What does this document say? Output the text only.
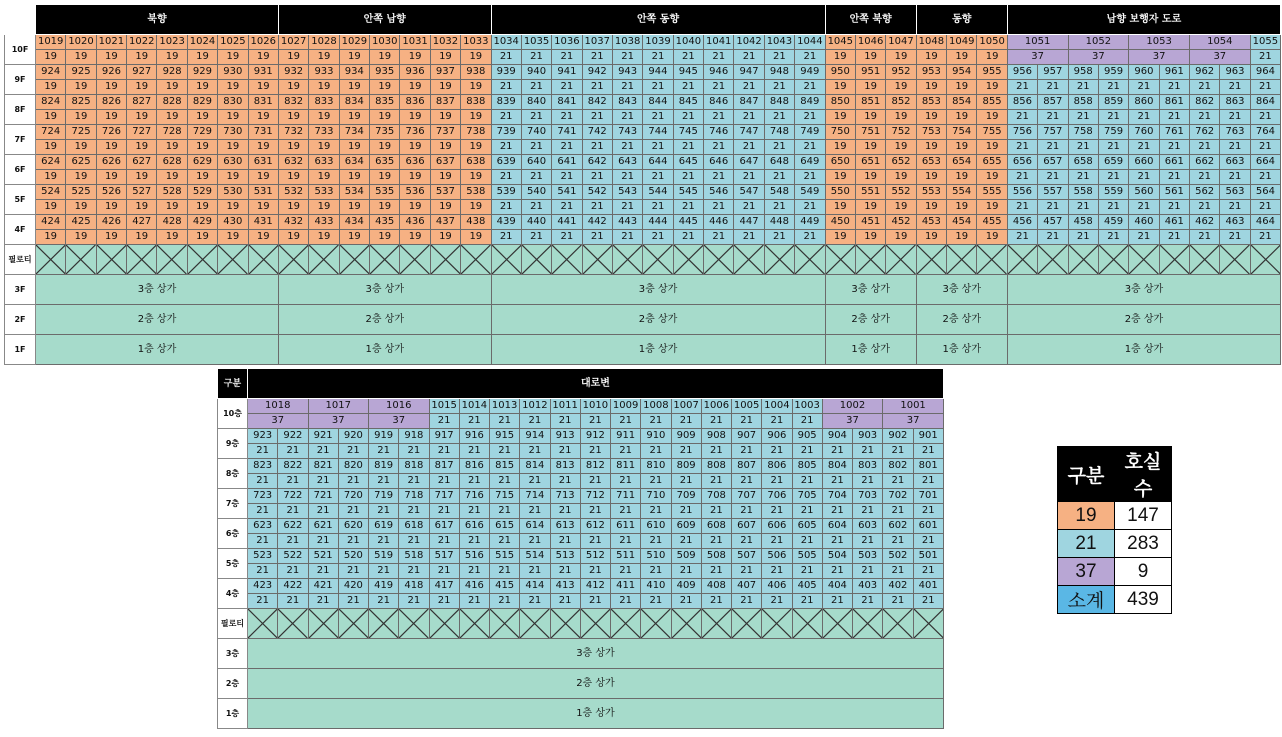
	북향								안쪽 남향							안쪽 동향											안쪽 북향			동향			남향 보행자 도로								
10F	1019	1020	1021	1022	1023	1024	1025	1026	1027	1028	1029	1030	1031	1032	1033	1034	1035	1036	1037	1038	1039	1040	1041	1042	1043	1044	1045	1046	1047	1048	1049	1050	1051		1052		1053		1054		1055
	19	19	19	19	19	19	19	19	19	19	19	19	19	19	19	21	21	21	21	21	21	21	21	21	21	21	19	19	19	19	19	19	37		37		37		37		21
9F	924	925	926	927	928	929	930	931	932	933	934	935	936	937	938	939	940	941	942	943	944	945	946	947	948	949	950	951	952	953	954	955	956	957	958	959	960	961	962	963	964
	19	19	19	19	19	19	19	19	19	19	19	19	19	19	19	21	21	21	21	21	21	21	21	21	21	21	19	19	19	19	19	19	21	21	21	21	21	21	21	21	21
8F	824	825	826	827	828	829	830	831	832	833	834	835	836	837	838	839	840	841	842	843	844	845	846	847	848	849	850	851	852	853	854	855	856	857	858	859	860	861	862	863	864
	19	19	19	19	19	19	19	19	19	19	19	19	19	19	19	21	21	21	21	21	21	21	21	21	21	21	19	19	19	19	19	19	21	21	21	21	21	21	21	21	21
7F	724	725	726	727	728	729	730	731	732	733	734	735	736	737	738	739	740	741	742	743	744	745	746	747	748	749	750	751	752	753	754	755	756	757	758	759	760	761	762	763	764
	19	19	19	19	19	19	19	19	19	19	19	19	19	19	19	21	21	21	21	21	21	21	21	21	21	21	19	19	19	19	19	19	21	21	21	21	21	21	21	21	21
6F	624	625	626	627	628	629	630	631	632	633	634	635	636	637	638	639	640	641	642	643	644	645	646	647	648	649	650	651	652	653	654	655	656	657	658	659	660	661	662	663	664
	19	19	19	19	19	19	19	19	19	19	19	19	19	19	19	21	21	21	21	21	21	21	21	21	21	21	19	19	19	19	19	19	21	21	21	21	21	21	21	21	21
5F	524	525	526	527	528	529	530	531	532	533	534	535	536	537	538	539	540	541	542	543	544	545	546	547	548	549	550	551	552	553	554	555	556	557	558	559	560	561	562	563	564
	19	19	19	19	19	19	19	19	19	19	19	19	19	19	19	21	21	21	21	21	21	21	21	21	21	21	19	19	19	19	19	19	21	21	21	21	21	21	21	21	21
4F	424	425	426	427	428	429	430	431	432	433	434	435	436	437	438	439	440	441	442	443	444	445	446	447	448	449	450	451	452	453	454	455	456	457	458	459	460	461	462	463	464
	19	19	19	19	19	19	19	19	19	19	19	19	19	19	19	21	21	21	21	21	21	21	21	21	21	21	19	19	19	19	19	19	21	21	21	21	21	21	21	21	21
필로티	

3F	3층 상가								3층 상가							3층 상가											3층 상가			3층 상가			3층 상가								
2F	2층 상가								2층 상가							2층 상가											2층 상가			2층 상가			2층 상가								
1F	1층 상가								1층 상가							1층 상가											1층 상가			1층 상가			1층 상가								
구분	대로변																						
10층	1018		1017		1016		1015	1014	1013	1012	1011	1010	1009	1008	1007	1006	1005	1004	1003	1002		1001	
	37		37		37		21	21	21	21	21	21	21	21	21	21	21	21	21	37		37	
9층	923	922	921	920	919	918	917	916	915	914	913	912	911	910	909	908	907	906	905	904	903	902	901
	21	21	21	21	21	21	21	21	21	21	21	21	21	21	21	21	21	21	21	21	21	21	21
8층	823	822	821	820	819	818	817	816	815	814	813	812	811	810	809	808	807	806	805	804	803	802	801
	21	21	21	21	21	21	21	21	21	21	21	21	21	21	21	21	21	21	21	21	21	21	21
7층	723	722	721	720	719	718	717	716	715	714	713	712	711	710	709	708	707	706	705	704	703	702	701
	21	21	21	21	21	21	21	21	21	21	21	21	21	21	21	21	21	21	21	21	21	21	21
6층	623	622	621	620	619	618	617	616	615	614	613	612	611	610	609	608	607	606	605	604	603	602	601
	21	21	21	21	21	21	21	21	21	21	21	21	21	21	21	21	21	21	21	21	21	21	21
5층	523	522	521	520	519	518	517	516	515	514	513	512	511	510	509	508	507	506	505	504	503	502	501
	21	21	21	21	21	21	21	21	21	21	21	21	21	21	21	21	21	21	21	21	21	21	21
4층	423	422	421	420	419	418	417	416	415	414	413	412	411	410	409	408	407	406	405	404	403	402	401
	21	21	21	21	21	21	21	21	21	21	21	21	21	21	21	21	21	21	21	21	21	21	21
필로티	

3층	3층 상가																						
2층	2층 상가																						
1층	1층 상가																						
구분	호실수
19	147
21	283
37	9
소계	439
